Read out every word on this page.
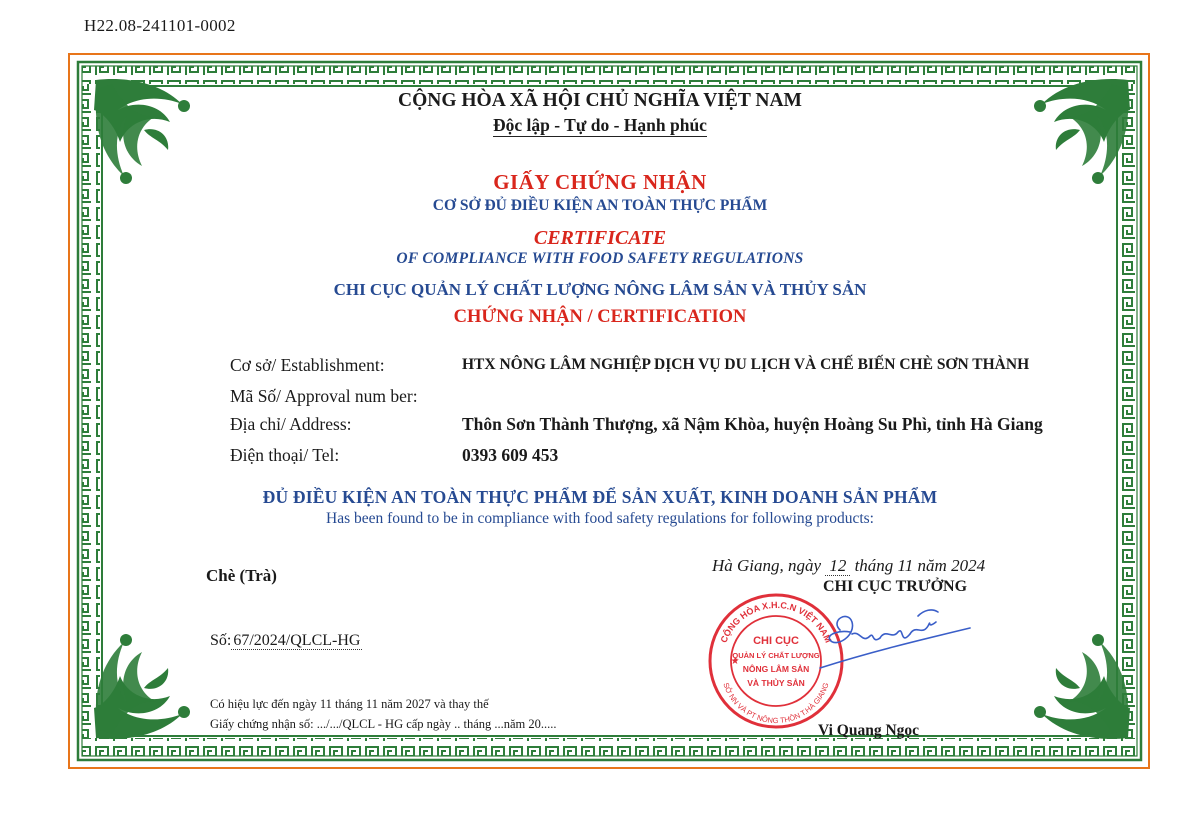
H22.08-241101-0002
CỘNG HÒA XÃ HỘI CHỦ NGHĨA VIỆT NAM
Độc lập - Tự do - Hạnh phúc
GIẤY CHỨNG NHẬN
CƠ SỞ ĐỦ ĐIỀU KIỆN AN TOÀN THỰC PHẨM
CERTIFICATE
OF COMPLIANCE WITH FOOD SAFETY REGULATIONS
CHI CỤC QUẢN LÝ CHẤT LƯỢNG NÔNG LÂM SẢN VÀ THỦY SẢN
CHỨNG NHẬN / CERTIFICATION
Cơ sở/ Establishment:	HTX NÔNG LÂM NGHIỆP DỊCH VỤ DU LỊCH VÀ CHẾ BIẾN CHÈ SƠN THÀNH
Mã Số/ Approval num ber:
Địa chỉ/ Address:	Thôn Sơn Thành Thượng, xã Nậm Khòa, huyện Hoàng Su Phì, tỉnh Hà Giang
Điện thoại/ Tel:	0393 609 453
ĐỦ ĐIỀU KIỆN AN TOÀN THỰC PHẨM ĐỂ SẢN XUẤT, KINH DOANH SẢN PHẨM
Has been found to be in compliance with food safety regulations for following products:
Chè (Trà)
Số: 67/2024/QLCL-HG
Có hiệu lực đến ngày 11 tháng 11 năm 2027 và thay thế
Giấy chứng nhận số: .../.../QLCL - HG cấp ngày .. tháng ...năm 20.....
Hà Giang, ngày 12 tháng 11 năm 2024
CHI CỤC TRƯỞNG
CỘNG HÒA X.H.C.N VIỆT NAM
SỞ NN VÀ PT NÔNG THÔN T.HÀ GIANG
CHI CỤC
QUẢN LÝ CHẤT LƯỢNG
NÔNG LÂM SẢN
VÀ THỦY SẢN
★
Vi Quang Ngọc
